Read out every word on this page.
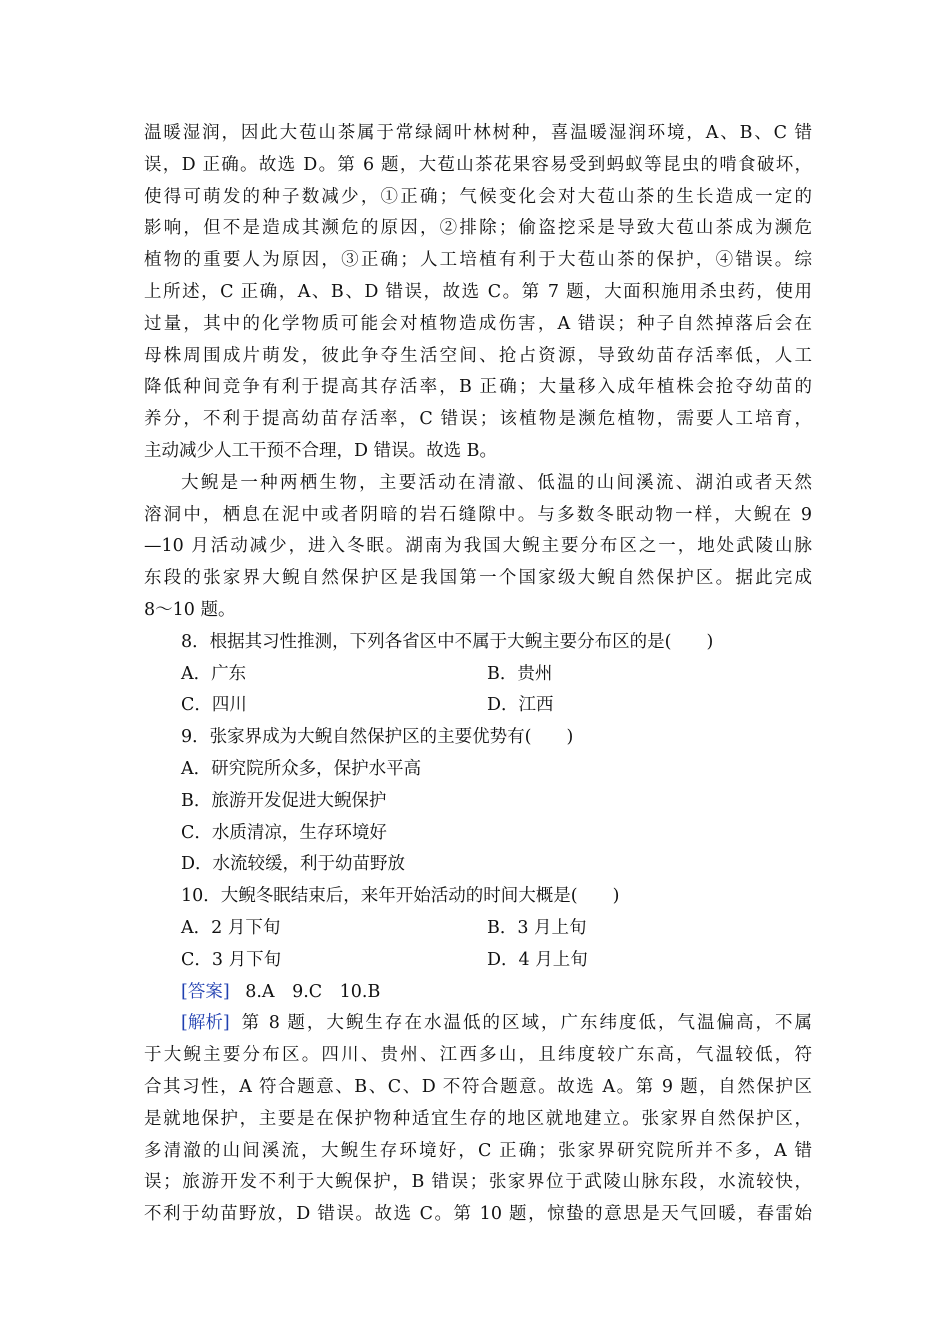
温暖湿润，因此大苞山茶属于常绿阔叶林树种，喜温暖湿润环境，A、B、C 错
误，D 正确。故选 D。第 6 题，大苞山茶花果容易受到蚂蚁等昆虫的啃食破坏，
使得可萌发的种子数减少，①正确；气候变化会对大苞山茶的生长造成一定的
影响，但不是造成其濒危的原因，②排除；偷盗挖采是导致大苞山茶成为濒危
植物的重要人为原因，③正确；人工培植有利于大苞山茶的保护，④错误。综
上所述，C 正确，A、B、D 错误，故选 C。第 7 题，大面积施用杀虫药，使用
过量，其中的化学物质可能会对植物造成伤害，A 错误；种子自然掉落后会在
母株周围成片萌发，彼此争夺生活空间、抢占资源，导致幼苗存活率低，人工
降低种间竞争有利于提高其存活率，B 正确；大量移入成年植株会抢夺幼苗的
养分，不利于提高幼苗存活率，C 错误；该植物是濒危植物，需要人工培育，
主动减少人工干预不合理，D 错误。故选 B。
大鲵是一种两栖生物，主要活动在清澈、低温的山间溪流、湖泊或者天然
溶洞中，栖息在泥中或者阴暗的岩石缝隙中。与多数冬眠动物一样，大鲵在 9
—10 月活动减少，进入冬眠。湖南为我国大鲵主要分布区之一，地处武陵山脉
东段的张家界大鲵自然保护区是我国第一个国家级大鲵自然保护区。据此完成
8～10 题。
8．根据其习性推测，下列各省区中不属于大鲵主要分布区的是(　　)
A．广东	B．贵州
C．四川	D．江西
9．张家界成为大鲵自然保护区的主要优势有(　　)
A．研究院所众多，保护水平高
B．旅游开发促进大鲵保护
C．水质清凉，生存环境好
D．水流较缓，利于幼苗野放
10．大鲵冬眠结束后，来年开始活动的时间大概是(　　)
A．2 月下旬	B．3 月上旬
C．3 月下旬	D．4 月上旬
[答案] 8.A　9.C　10.B
[解析] 第 8 题，大鲵生存在水温低的区域，广东纬度低，气温偏高，不属
于大鲵主要分布区。四川、贵州、江西多山，且纬度较广东高，气温较低，符
合其习性，A 符合题意、B、C、D 不符合题意。故选 A。第 9 题，自然保护区
是就地保护，主要是在保护物种适宜生存的地区就地建立。张家界自然保护区，
多清澈的山间溪流，大鲵生存环境好，C 正确；张家界研究院所并不多，A 错
误；旅游开发不利于大鲵保护，B 错误；张家界位于武陵山脉东段，水流较快，
不利于幼苗野放，D 错误。故选 C。第 10 题，惊蛰的意思是天气回暖，春雷始
